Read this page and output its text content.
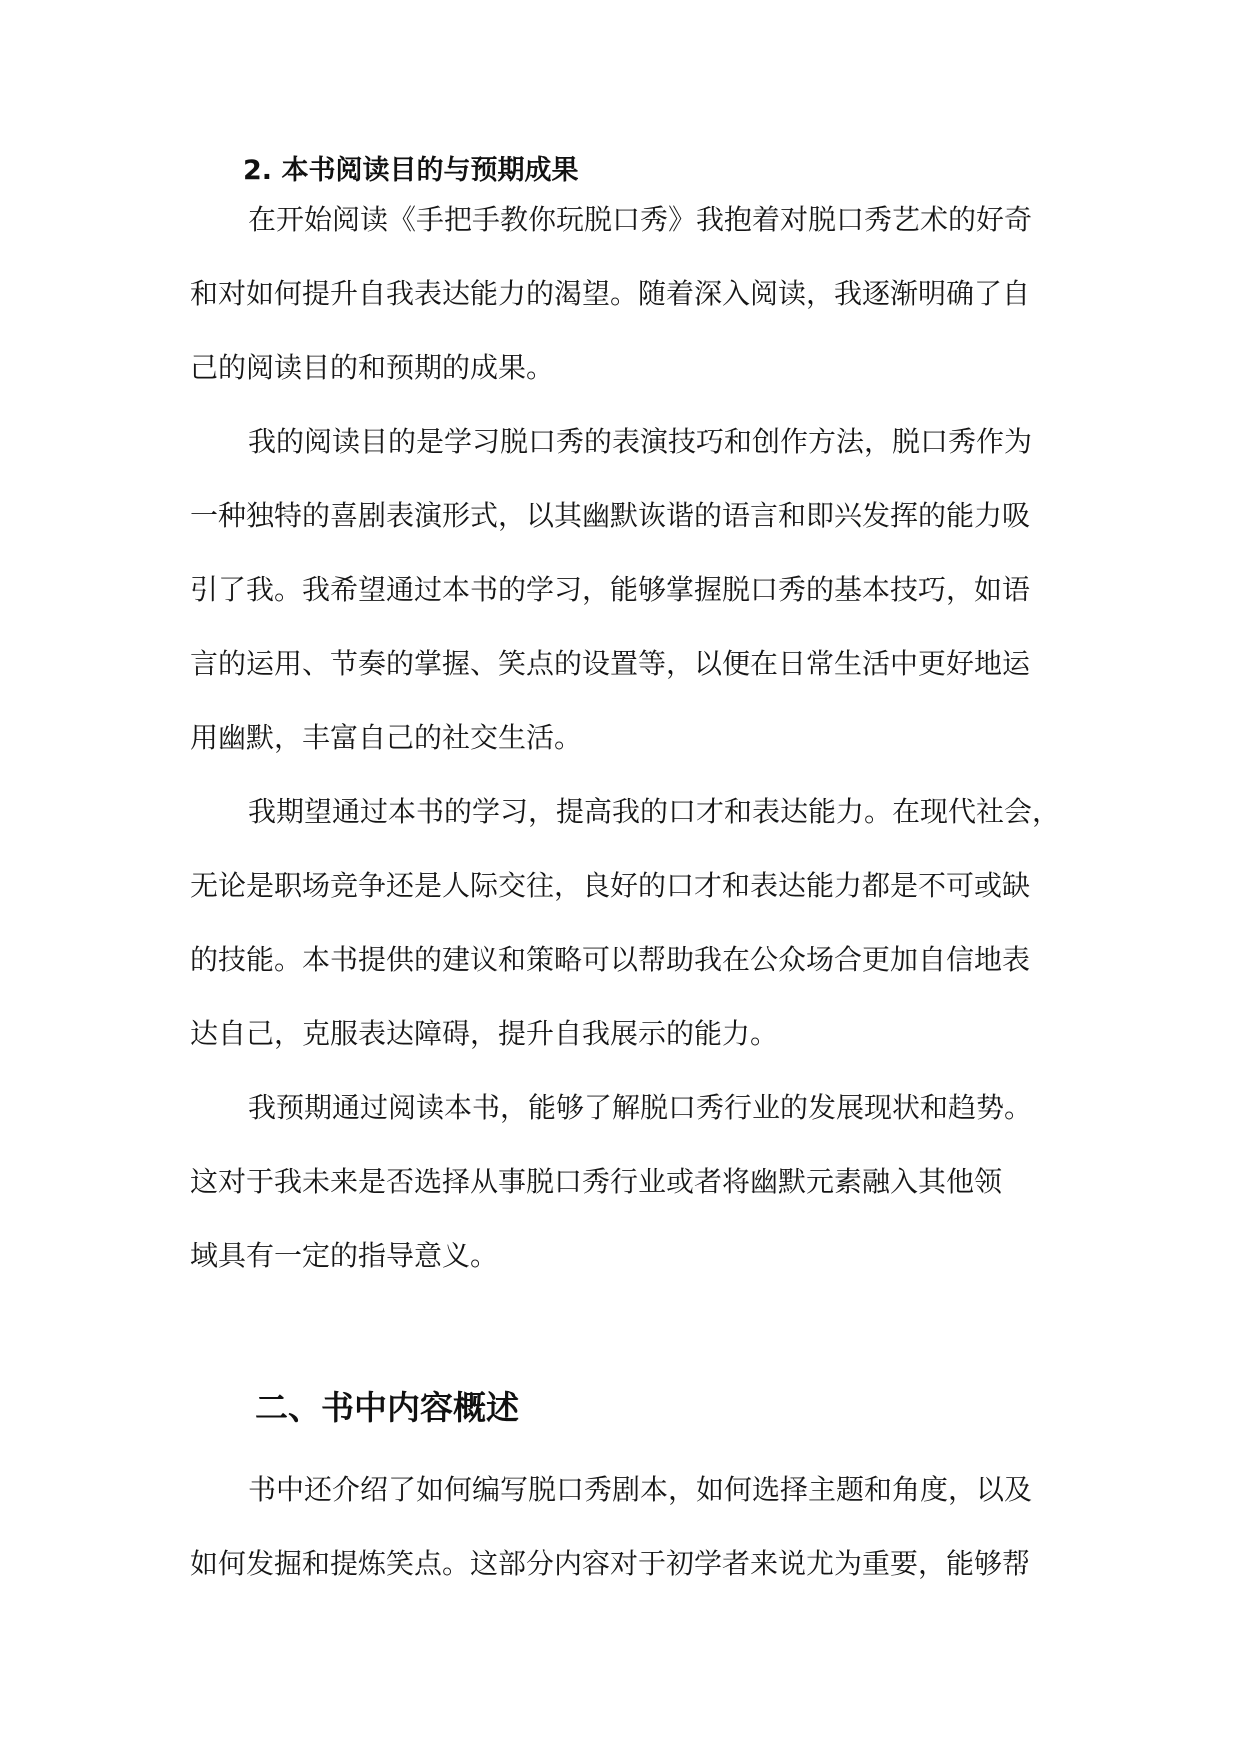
2. 本书阅读目的与预期成果
在开始阅读《手把手教你玩脱口秀》我抱着对脱口秀艺术的好奇
和对如何提升自我表达能力的渴望。随着深入阅读，我逐渐明确了自
己的阅读目的和预期的成果。
我的阅读目的是学习脱口秀的表演技巧和创作方法，脱口秀作为
一种独特的喜剧表演形式，以其幽默诙谐的语言和即兴发挥的能力吸
引了我。我希望通过本书的学习，能够掌握脱口秀的基本技巧，如语
言的运用、节奏的掌握、笑点的设置等，以便在日常生活中更好地运
用幽默，丰富自己的社交生活。
我期望通过本书的学习，提高我的口才和表达能力。在现代社会，
无论是职场竞争还是人际交往，良好的口才和表达能力都是不可或缺
的技能。本书提供的建议和策略可以帮助我在公众场合更加自信地表
达自己，克服表达障碍，提升自我展示的能力。
我预期通过阅读本书，能够了解脱口秀行业的发展现状和趋势。
这对于我未来是否选择从事脱口秀行业或者将幽默元素融入其他领
域具有一定的指导意义。
二、书中内容概述
书中还介绍了如何编写脱口秀剧本，如何选择主题和角度，以及
如何发掘和提炼笑点。这部分内容对于初学者来说尤为重要，能够帮
